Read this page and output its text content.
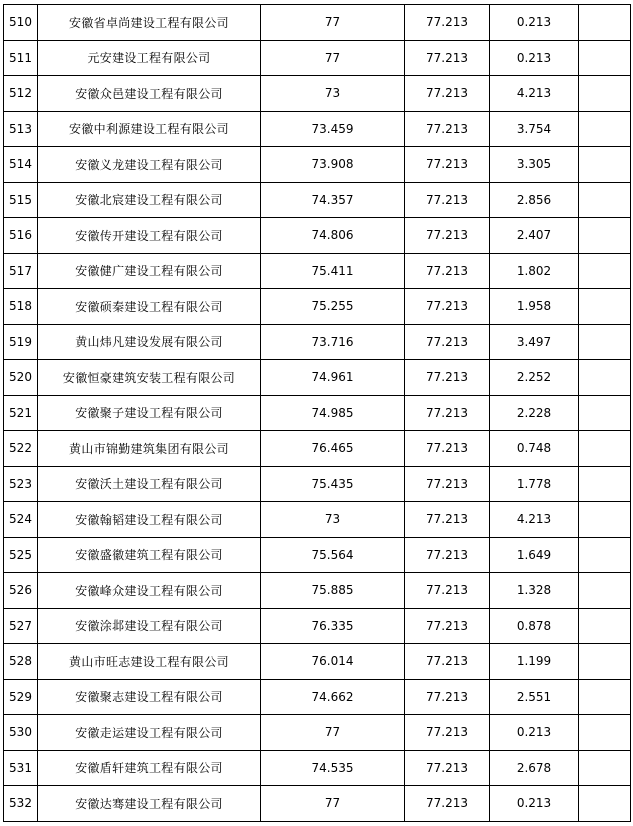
510	安徽省卓尚建设工程有限公司	77	77.213	0.213	
511	元安建设工程有限公司	77	77.213	0.213	
512	安徽众邑建设工程有限公司	73	77.213	4.213	
513	安徽中利源建设工程有限公司	73.459	77.213	3.754	
514	安徽义龙建设工程有限公司	73.908	77.213	3.305	
515	安徽北宸建设工程有限公司	74.357	77.213	2.856	
516	安徽传开建设工程有限公司	74.806	77.213	2.407	
517	安徽健广建设工程有限公司	75.411	77.213	1.802	
518	安徽硕秦建设工程有限公司	75.255	77.213	1.958	
519	黄山炜凡建设发展有限公司	73.716	77.213	3.497	
520	安徽恒豪建筑安装工程有限公司	74.961	77.213	2.252	
521	安徽聚子建设工程有限公司	74.985	77.213	2.228	
522	黄山市锦勤建筑集团有限公司	76.465	77.213	0.748	
523	安徽沃土建设工程有限公司	75.435	77.213	1.778	
524	安徽翰韬建设工程有限公司	73	77.213	4.213	
525	安徽盛徽建筑工程有限公司	75.564	77.213	1.649	
526	安徽峰众建设工程有限公司	75.885	77.213	1.328	
527	安徽涂邶建设工程有限公司	76.335	77.213	0.878	
528	黄山市旺志建设工程有限公司	76.014	77.213	1.199	
529	安徽聚志建设工程有限公司	74.662	77.213	2.551	
530	安徽走运建设工程有限公司	77	77.213	0.213	
531	安徽盾轩建筑工程有限公司	74.535	77.213	2.678	
532	安徽达骞建设工程有限公司	77	77.213	0.213	
